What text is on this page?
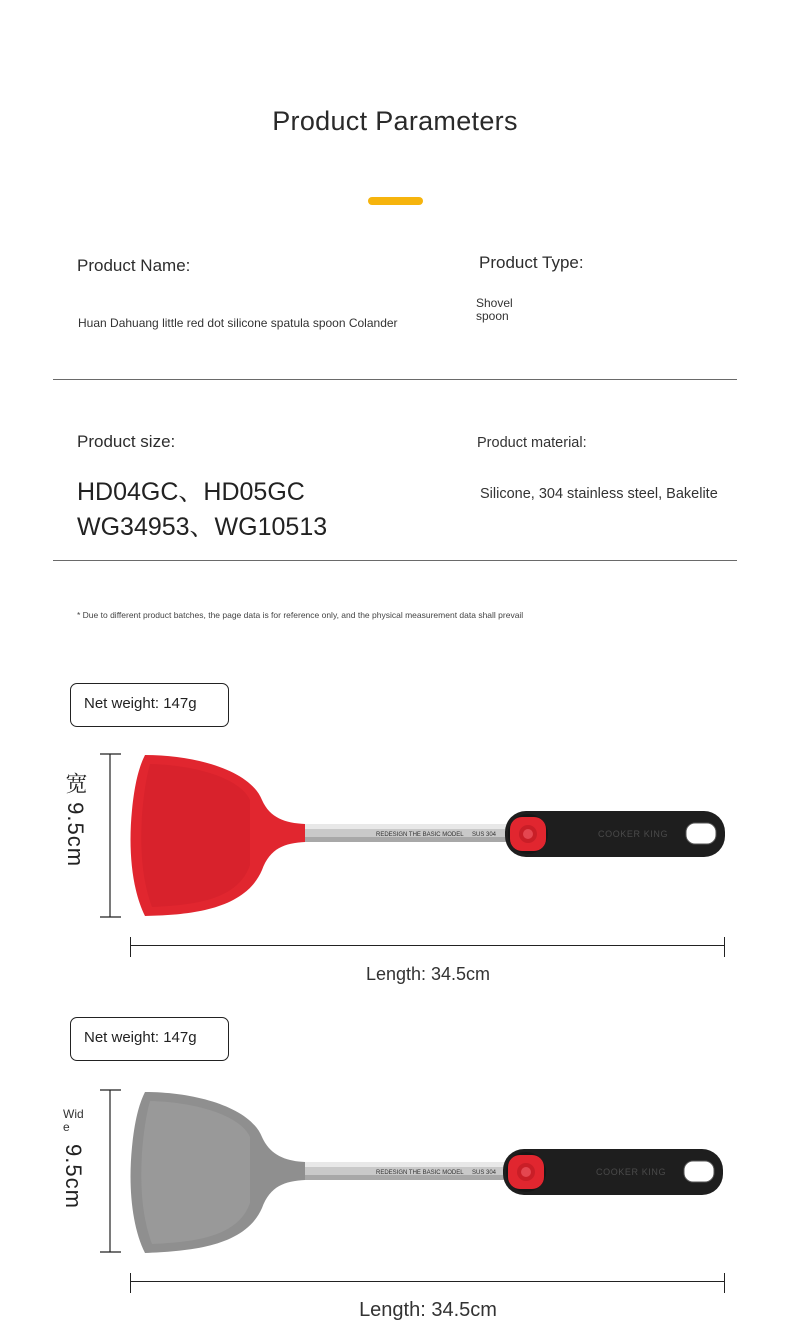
Product Parameters
Product Name:
Huan Dahuang little red dot silicone spatula spoon Colander
Product Type:
Shovel
spoon
Product size:
HD04GC、HD05GC
WG34953、WG10513
Product material:
Silicone, 304 stainless steel, Bakelite
* Due to different product batches, the page data is for reference only, and the physical measurement data shall prevail
Net weight: 147g
宽 9.5cm	REDESIGN THE BASIC MODEL SUS 304	COOKER KING
Length: 34.5cm
Net weight: 147g
Wide
9.5cm	REDESIGN THE BASIC MODEL SUS 304	COOKER KING
Length: 34.5cm
